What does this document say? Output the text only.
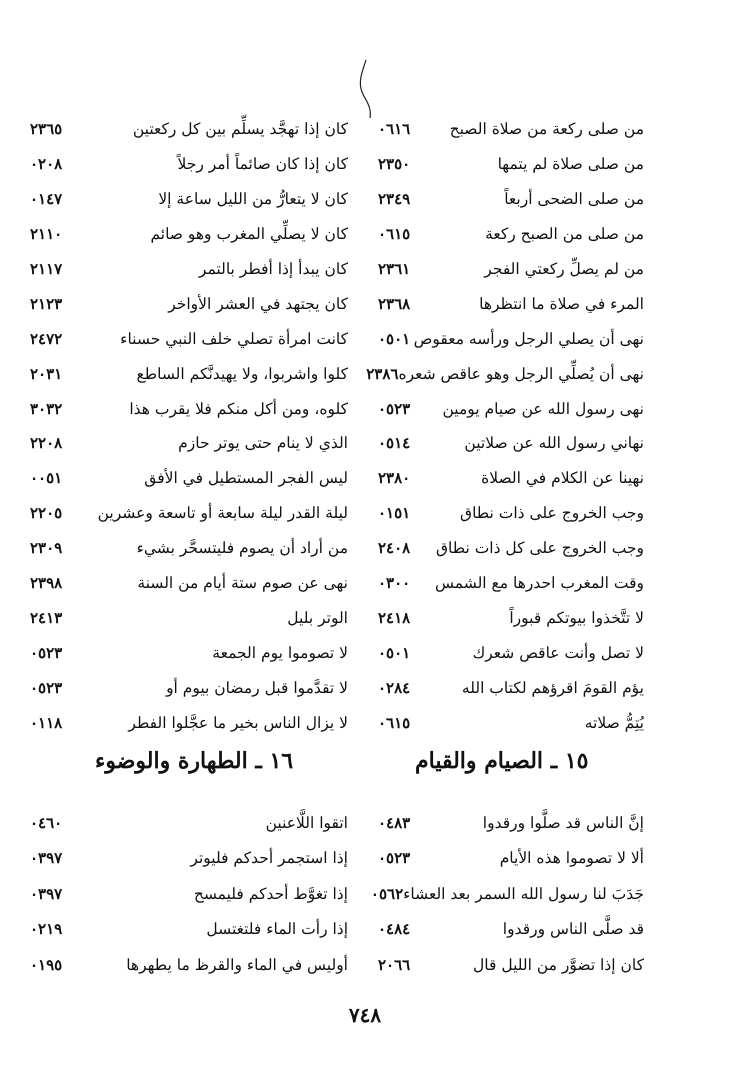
من صلى ركعة من صلاة الصبح
٠٦١٦
من صلى صلاة لم يتمها
٢٣٥٠
من صلى الضحى أربعاً
٢٣٤٩
من صلى من الصبح ركعة
٠٦١٥
من لم يصلِّ ركعتي الفجر
٢٣٦١
المرء في صلاة ما انتظرها
٢٣٦٨
نهى أن يصلي الرجل ورأسه معقوص
٠٥٠١
نهى أن يُصلِّي الرجل وهو عاقص شعره
٢٣٨٦
نهى رسول الله عن صيام يومين
٠٥٢٣
نهاني رسول الله عن صلاتين
٠٥١٤
نهينا عن الكلام في الصلاة
٢٣٨٠
وجب الخروج على ذات نطاق
٠١٥١
وجب الخروج على كل ذات نطاق
٢٤٠٨
وقت المغرب احدرها مع الشمس
٠٣٠٠
لا تتَّخذوا بيوتكم قبوراً
٢٤١٨
لا تصل وأنت عاقص شعرك
٠٥٠١
يؤم القومَ اقرؤهم لكتاب الله
٠٢٨٤
يُتِمُّ صلاته
٠٦١٥
كان إذا تهجَّد يسلِّم بين كل ركعتين
٢٣٦٥
كان إذا كان صائماً أمر رجلاً
٠٢٠٨
كان لا يتعارُّ من الليل ساعة إلا
٠١٤٧
كان لا يصلِّي المغرب وهو صائم
٢١١٠
كان يبدأ إذا أفطر بالتمر
٢١١٧
كان يجتهد في العشر الأواخر
٢١٢٣
كانت امرأة تصلي خلف النبي حسناء
٢٤٧٢
كلوا واشربوا، ولا يهيدنَّكم الساطع
٢٠٣١
كلوه، ومن أكل منكم فلا يقرب هذا
٣٠٣٢
الذي لا ينام حتى يوتر حازم
٢٢٠٨
ليس الفجر المستطيل في الأفق
٠٠٥١
ليلة القدر ليلة سابعة أو تاسعة وعشرين
٢٢٠٥
من أراد أن يصوم فليتسحَّر بشيء
٢٣٠٩
نهى عن صوم ستة أيام من السنة
٢٣٩٨
الوتر بليل
٢٤١٣
لا تصوموا يوم الجمعة
٠٥٢٣
لا تقدَّموا قبل رمضان بيوم أو
٠٥٢٣
لا يزال الناس بخير ما عجَّلوا الفطر
٠١١٨
١٥ ـ الصيام والقيام
١٦ ـ الطهارة والوضوء
إنَّ الناس قد صلَّوا ورقدوا
٠٤٨٣
ألا لا تصوموا هذه الأيام
٠٥٢٣
جَدَبَ لنا رسول الله السمر بعد العشاء
٠٥٦٢
قد صلَّى الناس ورقدوا
٠٤٨٤
كان إذا تضوَّر من الليل قال
٢٠٦٦
اتقوا اللَّاعنين
٠٤٦٠
إذا استجمر أحدكم فليوتر
٠٣٩٧
إذا تغوَّط أحدكم فليمسح
٠٣٩٧
إذا رأت الماء فلتغتسل
٠٢١٩
أوليس في الماء والقرظ ما يطهرها
٠١٩٥
٧٤٨
